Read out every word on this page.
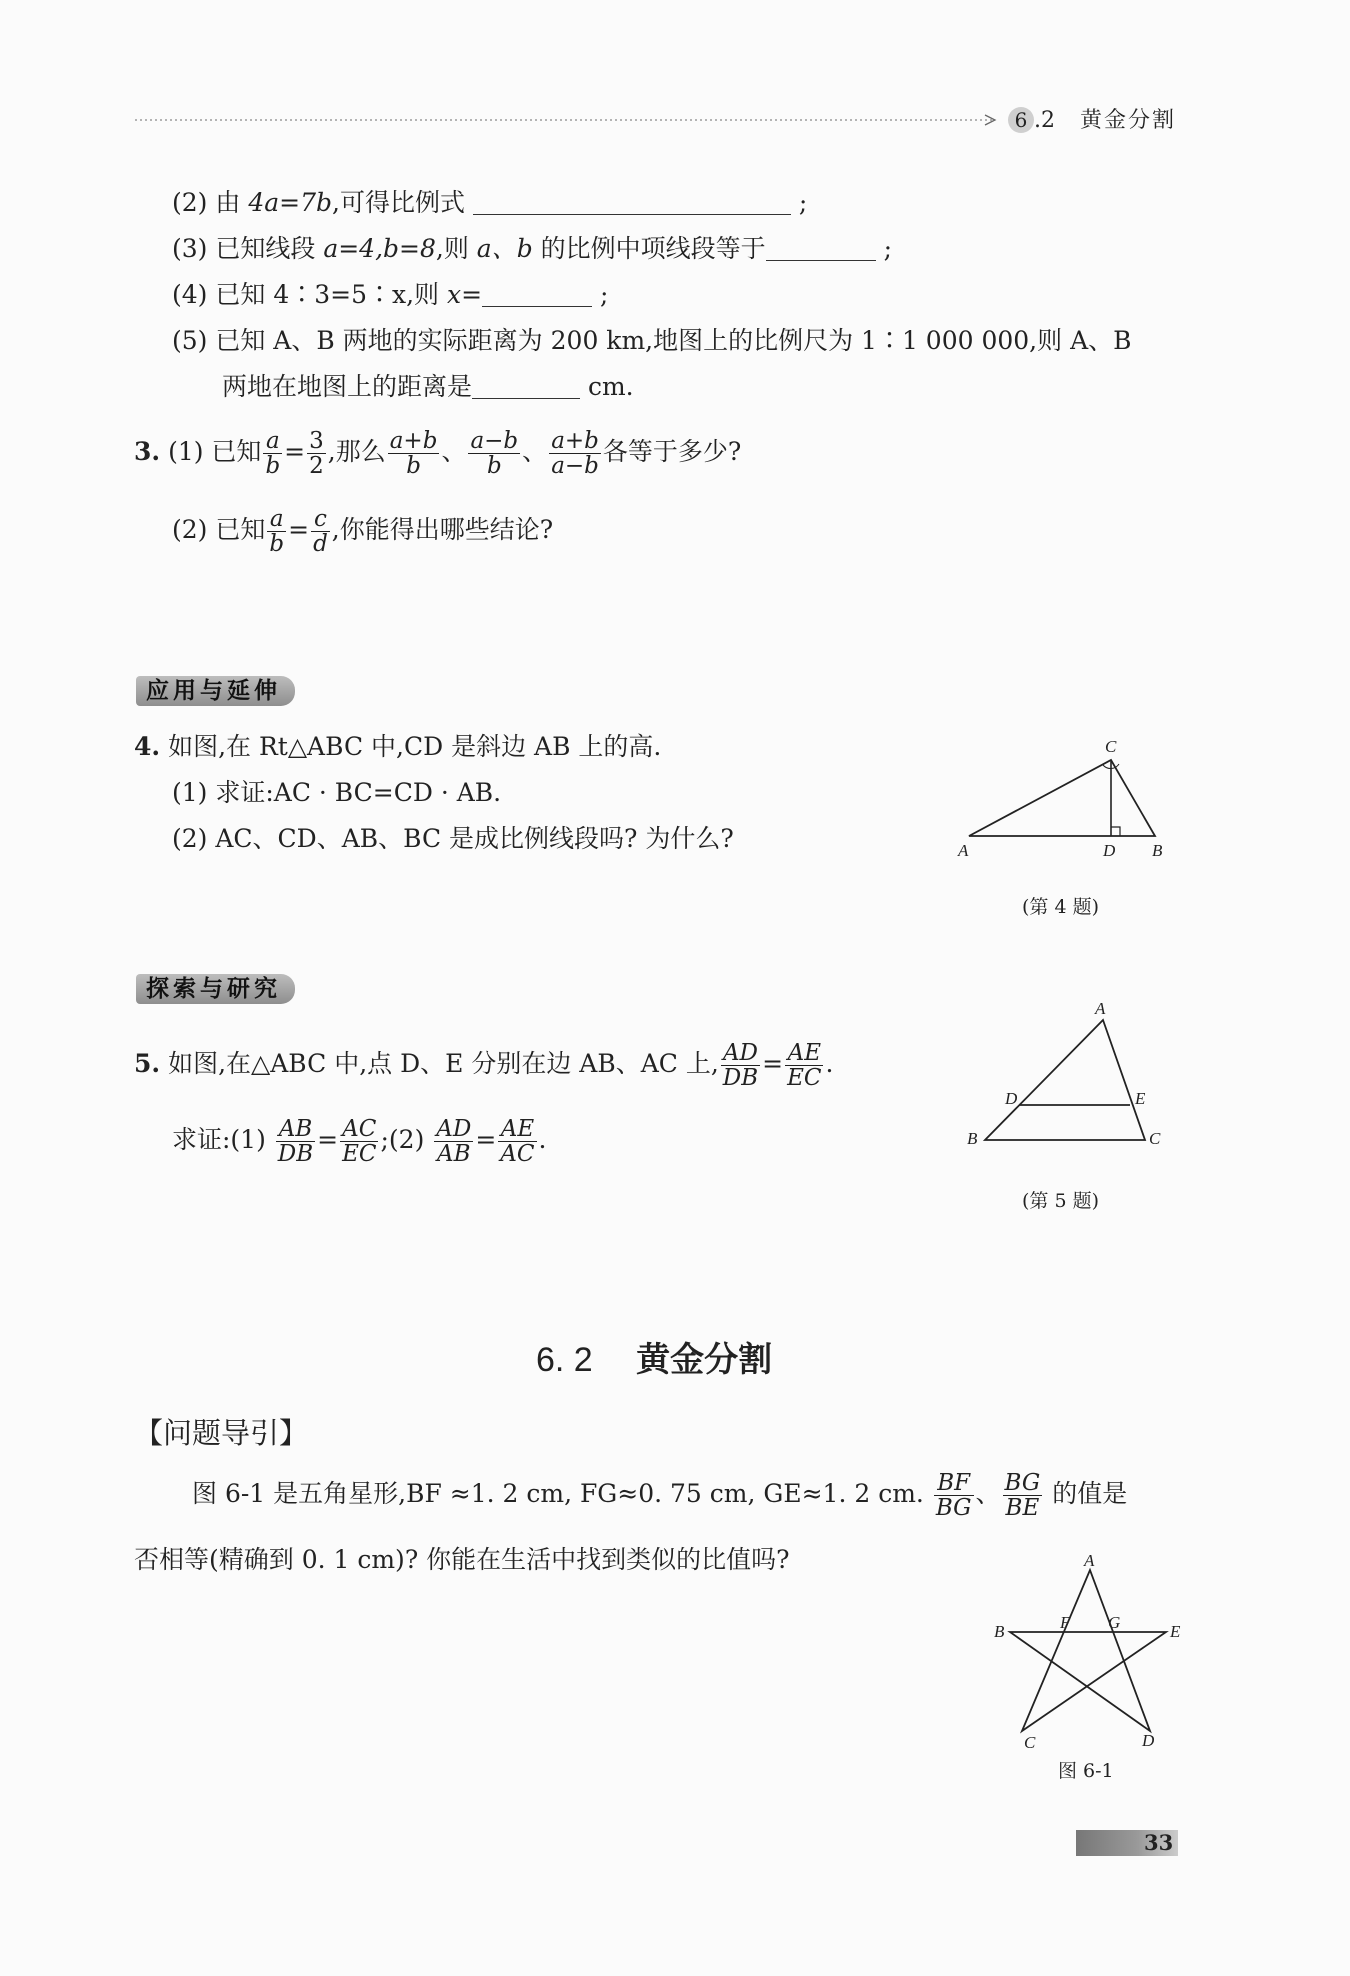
6 .2 黄金分割
(2) 由 4a=7b,可得比例式	;
(3) 已知线段 a=4,b=8,则 a、b 的比例中项线段等于	;
(4) 已知 4∶3=5∶x,则 x=	;
(5) 已知 A、B 两地的实际距离为 200 km,地图上的比例尺为 1∶1 000 000,则 A、B
两地在地图上的距离是	cm.
3. (1) 已知 $\frac{a}{b} = \frac{3}{2}$ ,那么 $\frac{a+b}{b}$ 、 $\frac{a-b}{b}$ 、 $\frac{a+b}{a-b}$ 各等于多少?
(2) 已知 $\frac{a}{b} = \frac{c}{d}$ ,你能得出哪些结论?
应用与延伸
4. 如图,在 Rt△ABC 中,CD 是斜边 AB 上的高.
(1) 求证:AC · BC=CD · AB.
(2) AC、CD、AB、BC 是成比例线段吗? 为什么?	A
C
D B
(第 4 题)
探索与研究
5. 如图,在△ABC 中,点 D、E 分别在边 AB、AC 上, $\frac{AD}{DB} = \frac{AE}{EC}$ .
求证:(1) $\frac{AB}{DB} = \frac{AC}{EC}$ ;(2) $\frac{AD}{AB} = \frac{AE}{AC}$ .
A
D	E
B	C
(第 5 题)
6. 2 黄金分割
【问题导引】
图 6-1 是五角星形,BF ≈1. 2 cm, FG≈0. 75 cm, GE≈1. 2 cm. $\frac{BF}{BG}$ 、 $\frac{BG}{BE}$ 的值是
否相等(精确到 0. 1 cm)? 你能在生活中找到类似的比值吗?	A
B	E
F G
C	D
图 6-1
33
